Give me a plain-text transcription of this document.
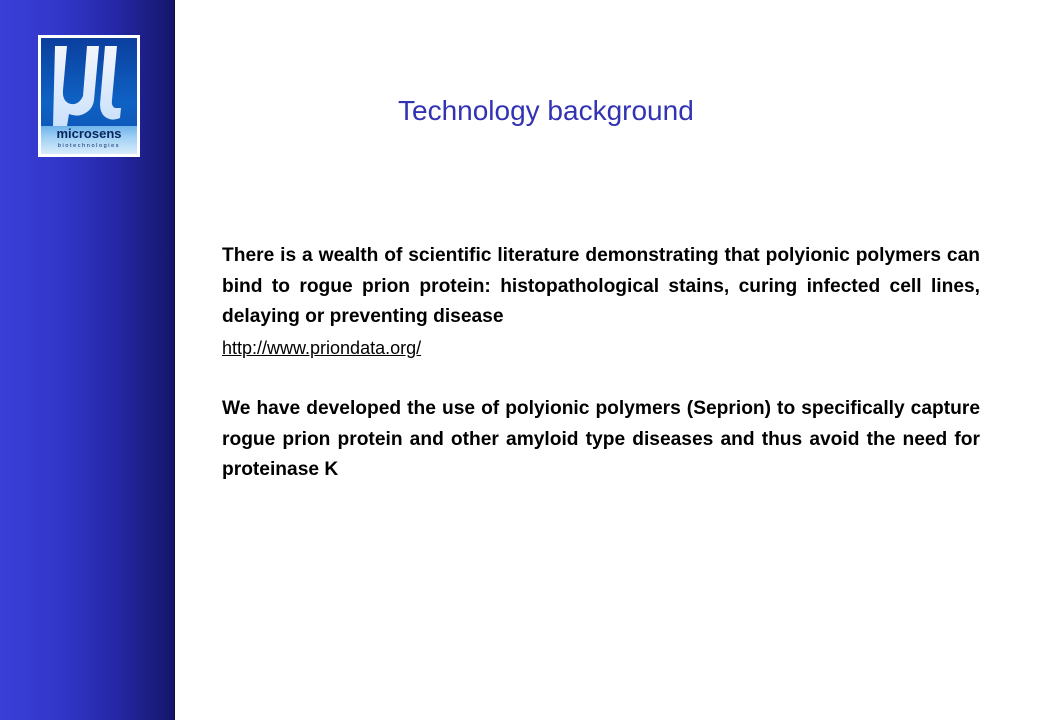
microsens
biotechnologies
Technology background

There is a wealth of scientific literature demonstrating that polyionic polymers can bind to rogue prion protein: histopathological stains, curing infected cell lines, delaying or preventing disease

http://www.priondata.org/

We have developed the use of polyionic polymers (Seprion) to specifically capture rogue prion protein and other amyloid type diseases and thus avoid the need for proteinase K
